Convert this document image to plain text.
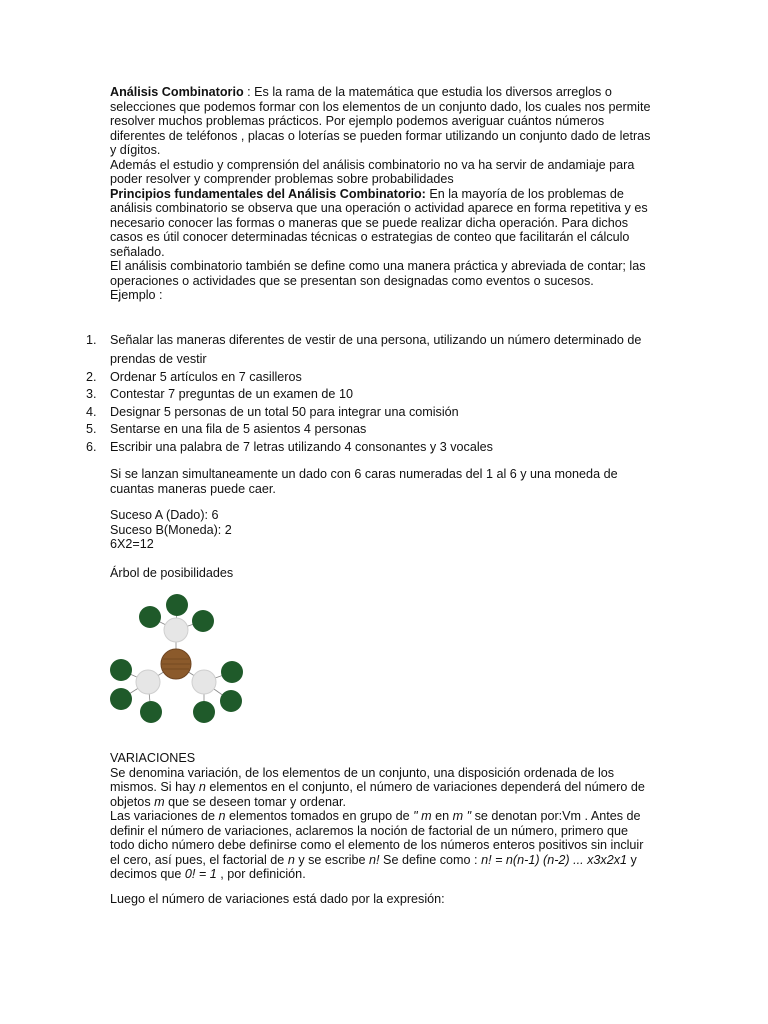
Análisis Combinatorio : Es la rama de la matemática que estudia los diversos arreglos o selecciones que podemos formar con los elementos de un conjunto dado, los cuales nos permite resolver muchos problemas prácticos. Por ejemplo podemos averiguar cuántos números diferentes de teléfonos , placas o loterías se pueden formar utilizando un conjunto dado de letras y dígitos.
Además el estudio y comprensión del análisis combinatorio no va ha servir de andamiaje para poder resolver y comprender problemas sobre probabilidades
Principios fundamentales del Análisis Combinatorio: En la mayoría de los problemas de análisis combinatorio se observa que una operación o actividad aparece en forma repetitiva y es necesario conocer las formas o maneras que se puede realizar dicha operación. Para dichos casos es útil conocer determinadas técnicas o estrategias de conteo que facilitarán el cálculo señalado.
El análisis combinatorio también se define como una manera práctica y abreviada de contar; las operaciones o actividades que se presentan son designadas como eventos o sucesos.
Ejemplo :

1. Señalar las maneras diferentes de vestir de una persona, utilizando un número determinado de prendas de vestir
2. Ordenar 5 artículos en 7 casilleros
3. Contestar 7 preguntas de un examen de 10
4. Designar 5 personas de un total 50 para integrar una comisión
5. Sentarse en una fila de 5 asientos 4 personas
6. Escribir una palabra de 7 letras utilizando 4 consonantes y 3 vocales

Si se lanzan simultaneamente un dado con 6 caras numeradas del 1 al 6 y una moneda de cuantas maneras puede caer.

Suceso A (Dado): 6
Suceso B(Moneda): 2
6X2=12

Árbol de posibilidades

VARIACIONES
Se denomina variación, de los elementos de un conjunto, una disposición ordenada de los mismos. Si hay n elementos en el conjunto, el número de variaciones dependerá del número de objetos m que se deseen tomar y ordenar.
Las variaciones de n elementos tomados en grupo de " m en m " se denotan por:Vm . Antes de definir el número de variaciones, aclaremos la noción de factorial de un número, primero que todo dicho número debe definirse como el elemento de los números enteros positivos sin incluir el cero, así pues, el factorial de n y se escribe n! Se define como : n! = n(n-1) (n-2) ... x3x2x1 y decimos que 0! = 1 , por definición.

Luego el número de variaciones está dado por la expresión:
